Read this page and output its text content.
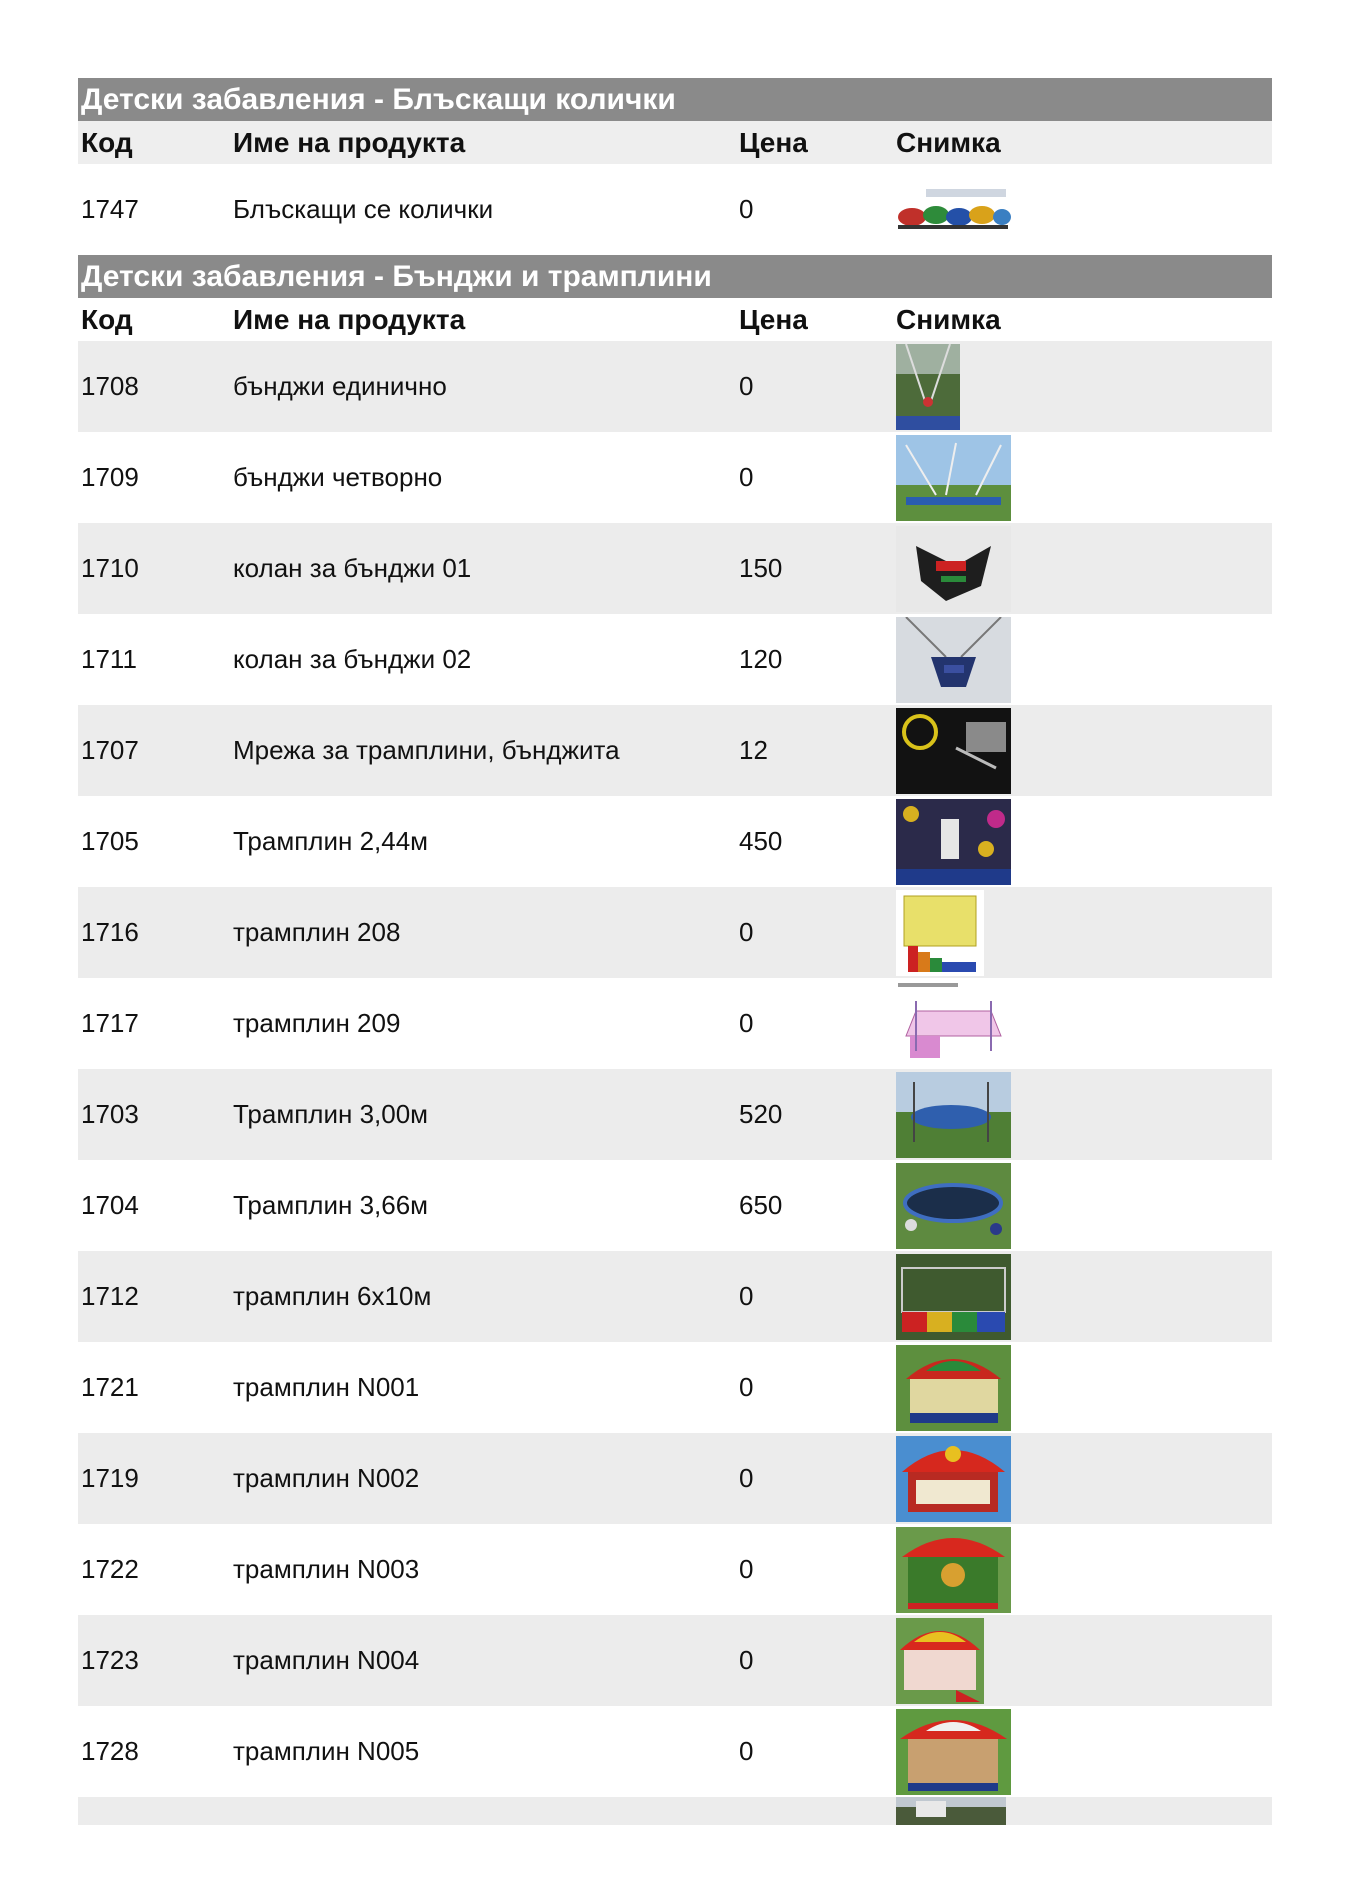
Детски забавления - Блъскащи колички
Код	Име на продукта	Цена	Снимка
1747	Блъскащи се колички	0
Детски забавления - Бънджи и трамплини
Код	Име на продукта	Цена	Снимка
1708	бънджи единично	0
1709	бънджи четворно	0
1710	колан за бънджи 01	150
1711	колан за бънджи 02	120
1707	Мрежа за трамплини, бънджита	12
1705	Трамплин 2,44м	450
1716	трамплин 208	0
1717	трамплин 209	0
1703	Трамплин 3,00м	520
1704	Трамплин 3,66м	650
1712	трамплин 6х10м	0
1721	трамплин N001	0
1719	трамплин N002	0
1722	трамплин N003	0
1723	трамплин N004	0
1728	трамплин N005	0
